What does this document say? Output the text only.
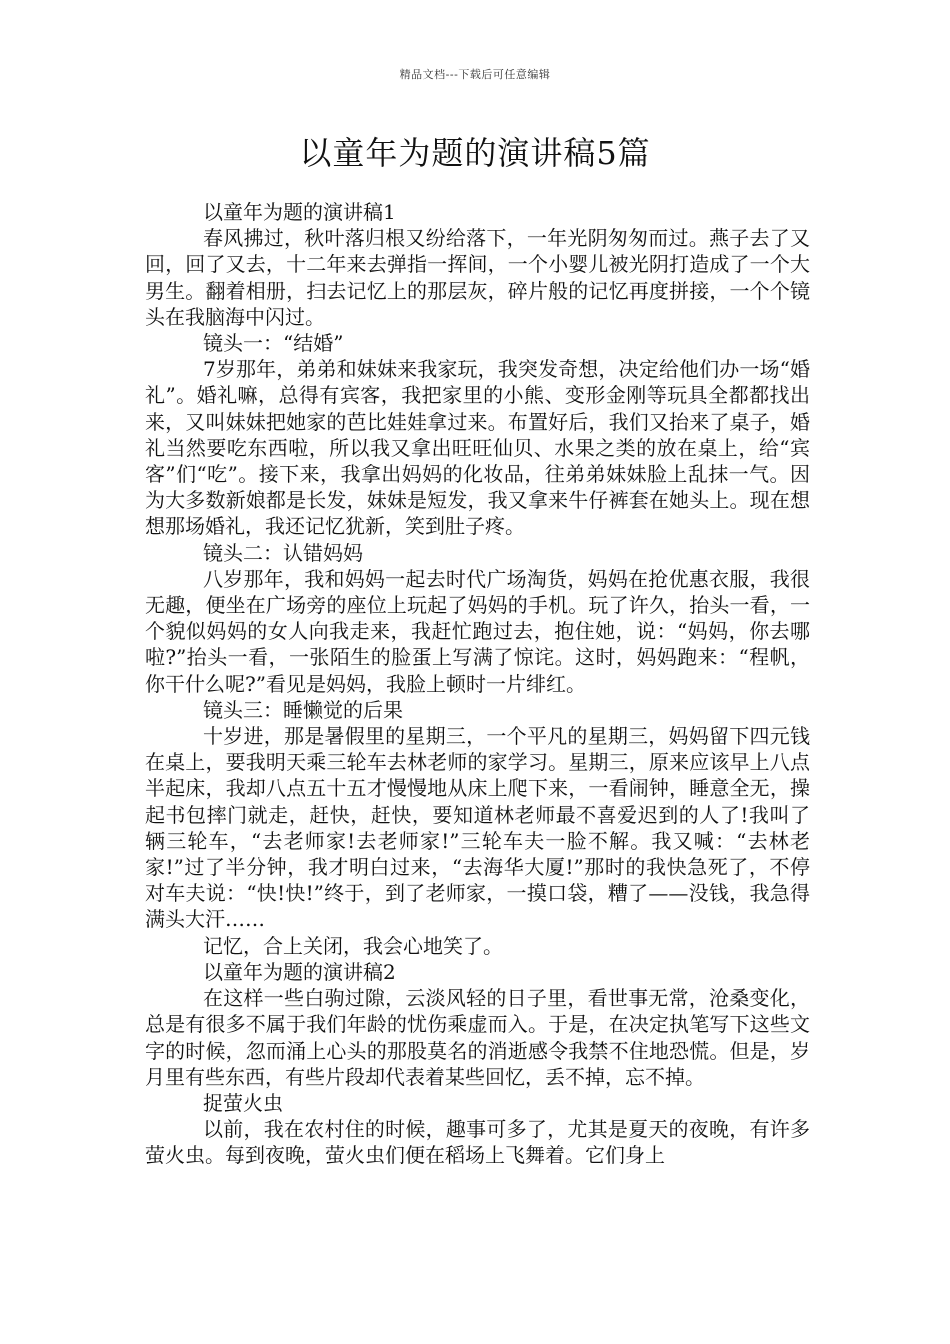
精品文档---下载后可任意编辑
以童年为题的演讲稿5篇

以童年为题的演讲稿1

春风拂过，秋叶落归根又纷给落下，一年光阴匆匆而过。燕子去了又回，回了又去，十二年来去弹指一挥间，一个小婴儿被光阴打造成了一个大男生。翻着相册，扫去记忆上的那层灰，碎片般的记忆再度拼接，一个个镜头在我脑海中闪过。

镜头一：“结婚”

7岁那年，弟弟和妹妹来我家玩，我突发奇想，决定给他们办一场“婚礼”。婚礼嘛，总得有宾客，我把家里的小熊、变形金刚等玩具全都都找出来，又叫妹妹把她家的芭比娃娃拿过来。布置好后，我们又抬来了桌子，婚礼当然要吃东西啦，所以我又拿出旺旺仙贝、水果之类的放在桌上，给“宾客”们“吃”。接下来，我拿出妈妈的化妆品，往弟弟妹妹脸上乱抹一气。因为大多数新娘都是长发，妹妹是短发，我又拿来牛仔裤套在她头上。现在想想那场婚礼，我还记忆犹新，笑到肚子疼。

镜头二：认错妈妈

八岁那年，我和妈妈一起去时代广场淘货，妈妈在抢优惠衣服，我很无趣，便坐在广场旁的座位上玩起了妈妈的手机。玩了许久，抬头一看，一个貌似妈妈的女人向我走来，我赶忙跑过去，抱住她，说：“妈妈，你去哪啦?”抬头一看，一张陌生的脸蛋上写满了惊诧。这时，妈妈跑来：“程帆，你干什么呢?”看见是妈妈，我脸上顿时一片绯红。

镜头三：睡懒觉的后果

十岁进，那是暑假里的星期三，一个平凡的星期三，妈妈留下四元钱在桌上，要我明天乘三轮车去林老师的家学习。星期三，原来应该早上八点半起床，我却八点五十五才慢慢地从床上爬下来，一看闹钟，睡意全无，操起书包摔门就走，赶快，赶快，要知道林老师最不喜爱迟到的人了!我叫了辆三轮车，“去老师家!去老师家!”三轮车夫一脸不解。我又喊：“去林老家!”过了半分钟，我才明白过来，“去海华大厦!”那时的我快急死了，不停对车夫说：“快!快!”终于，到了老师家，一摸口袋，糟了——没钱，我急得满头大汗……

记忆，合上关闭，我会心地笑了。

以童年为题的演讲稿2

在这样一些白驹过隙，云淡风轻的日子里，看世事无常，沧桑变化，总是有很多不属于我们年龄的忧伤乘虚而入。于是，在决定执笔写下这些文字的时候，忽而涌上心头的那股莫名的消逝感令我禁不住地恐慌。但是，岁月里有些东西，有些片段却代表着某些回忆，丢不掉，忘不掉。

捉萤火虫

以前，我在农村住的时候，趣事可多了，尤其是夏天的夜晚，有许多萤火虫。每到夜晚，萤火虫们便在稻场上飞舞着。它们身上
